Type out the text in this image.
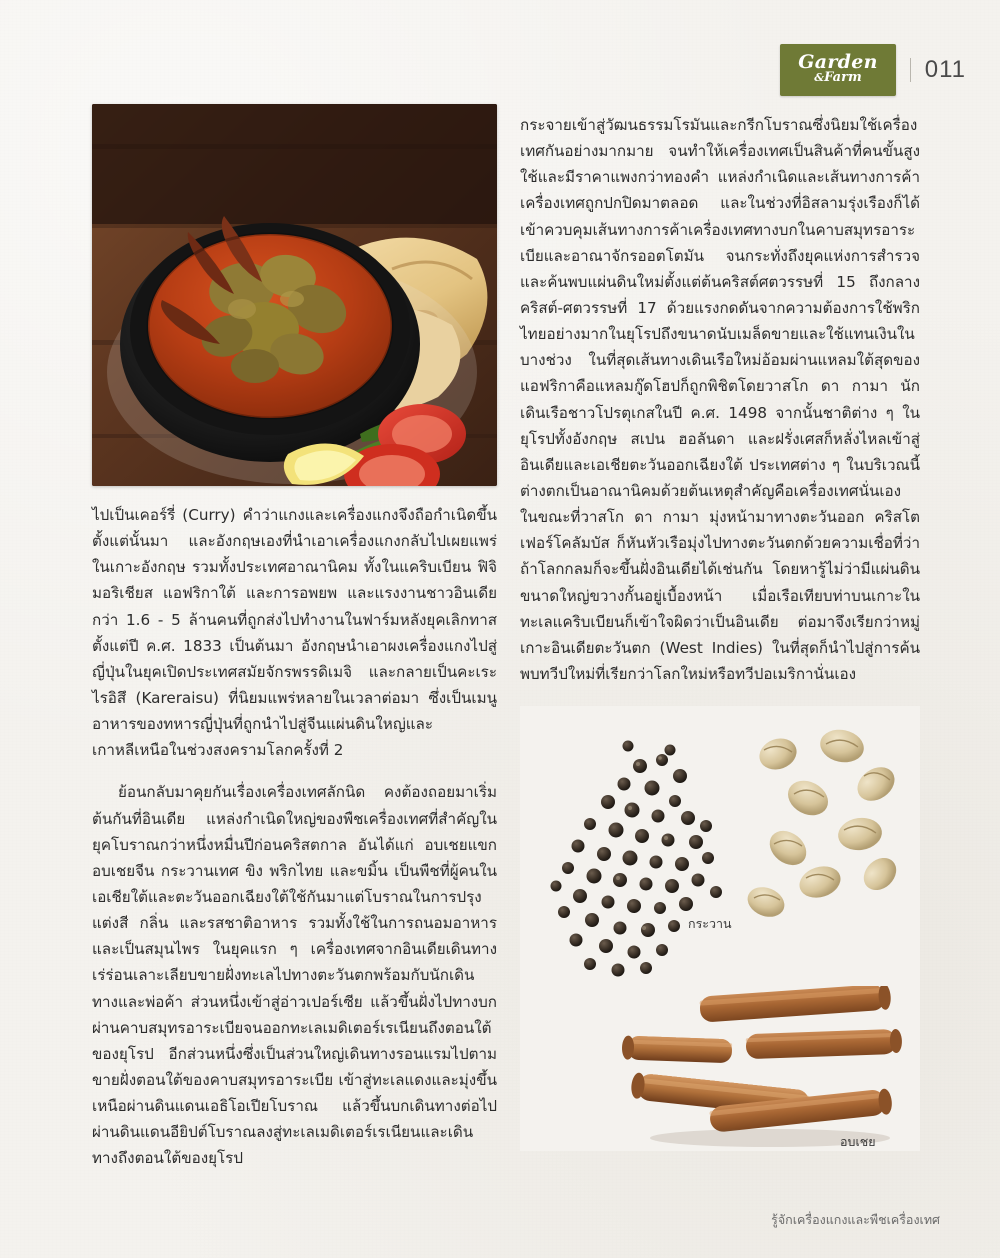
Garden
&Farm	011

ไปเป็นเคอร์รี่ (Curry) คำว่าแกงและเครื่องแกงจึงถือกำเนิดขึ้นตั้งแต่นั้นมา และอังกฤษเองที่นำเอาเครื่องแกงกลับไปเผยแพร่ในเกาะอังกฤษ รวมทั้งประเทศอาณานิคม ทั้งในแคริบเบียน ฟิจิ มอริเชียส แอฟริกาใต้ และการอพยพ และแรงงานชาวอินเดียกว่า 1.6 - 5 ล้านคนที่ถูกส่งไปทำงานในฟาร์มหลังยุคเลิกทาส ตั้งแต่ปี ค.ศ. 1833 เป็นต้นมา อังกฤษนำเอาผงเครื่องแกงไปสู่ญี่ปุ่นในยุคเปิดประเทศสมัยจักรพรรดิเมจิ และกลายเป็นคะเระไรอิสึ (Kareraisu) ที่นิยมแพร่หลายในเวลาต่อมา ซึ่งเป็นเมนูอาหารของทหารญี่ปุ่นที่ถูกนำไปสู่จีนแผ่นดินใหญ่และเกาหลีเหนือในช่วงสงครามโลกครั้งที่ 2

ย้อนกลับมาคุยกันเรื่องเครื่องเทศลักนิด คงต้องถอยมาเริ่มต้นกันที่อินเดีย แหล่งกำเนิดใหญ่ของพืชเครื่องเทศที่สำคัญในยุคโบราณกว่าหนึ่งหมื่นปีก่อนคริสตกาล อันได้แก่ อบเชยแขก อบเชยจีน กระวานเทศ ขิง พริกไทย และขมิ้น เป็นพืชที่ผู้คนในเอเชียใต้และตะวันออกเฉียงใต้ใช้กันมาแต่โบราณในการปรุงแต่งสี กลิ่น และรสชาติอาหาร รวมทั้งใช้ในการถนอมอาหารและเป็นสมุนไพร ในยุคแรก ๆ เครื่องเทศจากอินเดียเดินทางเร่ร่อนเลาะเลียบขายฝั่งทะเลไปทางตะวันตกพร้อมกับนักเดินทางและพ่อค้า ส่วนหนึ่งเข้าสู่อ่าวเปอร์เซีย แล้วขึ้นฝั่งไปทางบกผ่านคาบสมุทรอาระเบียจนออกทะเลเมดิเตอร์เรเนียนถึงตอนใต้ของยุโรป อีกส่วนหนึ่งซึ่งเป็นส่วนใหญ่เดินทางรอนแรมไปตามขายฝั่งตอนใต้ของคาบสมุทรอาระเบีย เข้าสู่ทะเลแดงและมุ่งขึ้นเหนือผ่านดินแดนเอธิโอเปียโบราณ แล้วขึ้นบกเดินทางต่อไป ผ่านดินแดนอียิปต์โบราณลงสู่ทะเลเมดิเตอร์เรเนียนและเดินทางถึงตอนใต้ของยุโรป

กระจายเข้าสู่วัฒนธรรมโรมันและกรีกโบราณซึ่งนิยมใช้เครื่องเทศกันอย่างมากมาย จนทำให้เครื่องเทศเป็นสินค้าที่คนขั้นสูงใช้และมีราคาแพงกว่าทองคำ แหล่งกำเนิดและเส้นทางการค้าเครื่องเทศถูกปกปิดมาตลอด และในช่วงที่อิสลามรุ่งเรืองก็ได้เข้าควบคุมเส้นทางการค้าเครื่องเทศทางบกในคาบสมุทรอาระเบียและอาณาจักรออตโตมัน จนกระทั่งถึงยุคแห่งการสำรวจและค้นพบแผ่นดินใหม่ตั้งแต่ต้นคริสต์ศตวรรษที่ 15 ถึงกลางคริสต์-ศตวรรษที่ 17 ด้วยแรงกดดันจากความต้องการใช้พริกไทยอย่างมากในยุโรปถึงขนาดนับเมล็ดขายและใช้แทนเงินในบางช่วง ในที่สุดเส้นทางเดินเรือใหม่อ้อมผ่านแหลมใต้สุดของแอฟริกาคือแหลมกู๊ดโฮปก็ถูกพิชิตโดยวาสโก ดา กามา นักเดินเรือชาวโปรตุเกสในปี ค.ศ. 1498 จากนั้นชาติต่าง ๆ ในยุโรปทั้งอังกฤษ สเปน ฮอลันดา และฝรั่งเศสก็หลั่งไหลเข้าสู่อินเดียและเอเชียตะวันออกเฉียงใต้ ประเทศต่าง ๆ ในบริเวณนี้ต่างตกเป็นอาณานิคมด้วยต้นเหตุสำคัญคือเครื่องเทศนั่นเอง ในขณะที่วาสโก ดา กามา มุ่งหน้ามาทางตะวันออก คริสโตเฟอร์โคลัมบัส ก็หันหัวเรือมุ่งไปทางตะวันตกด้วยความเชื่อที่ว่าถ้าโลกกลมก็จะขึ้นฝั่งอินเดียได้เช่นกัน โดยหารู้ไม่ว่ามีแผ่นดินขนาดใหญ่ขวางกั้นอยู่เบื้องหน้า เมื่อเรือเทียบท่าบนเกาะในทะเลแคริบเบียนก็เข้าใจผิดว่าเป็นอินเดีย ต่อมาจึงเรียกว่าหมู่เกาะอินเดียตะวันตก (West Indies) ในที่สุดก็นำไปสู่การค้นพบทวีปใหม่ที่เรียกว่าโลกใหม่หรือทวีปอเมริกานั่นเอง

กระวาน
อบเชย
รู้จักเครื่องแกงและพืชเครื่องเทศ
